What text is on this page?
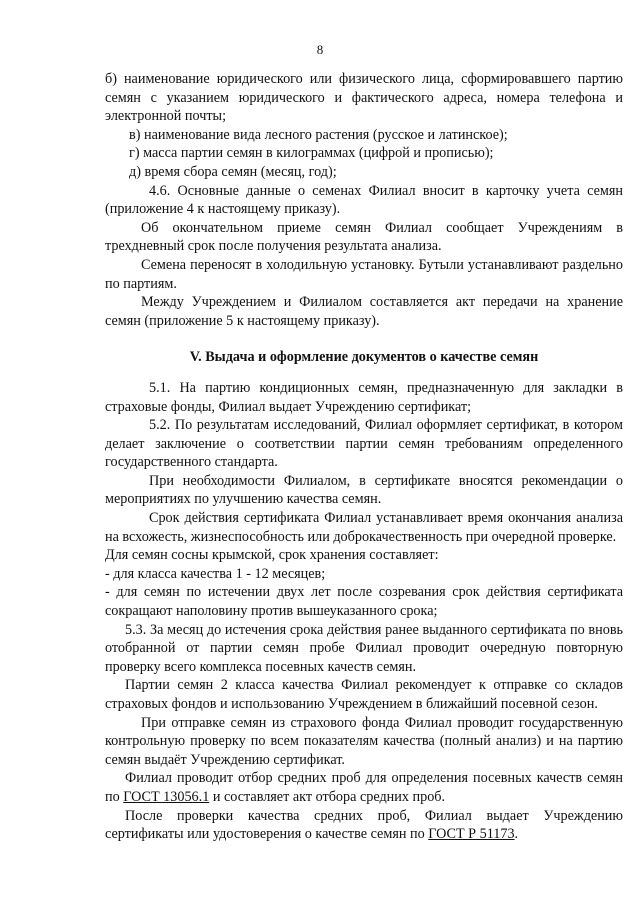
8

б) наименование юридического или физического лица, сформировавшего партию семян с указанием юридического и фактического адреса, номера телефона и электронной почты;

в) наименование вида лесного растения (русское и латинское);

г) масса партии семян в килограммах (цифрой и прописью);

д) время сбора семян (месяц, год);

4.6. Основные данные о семенах Филиал вносит в карточку учета семян (приложение 4 к настоящему приказу).

Об окончательном приеме семян Филиал сообщает Учреждениям в трехдневный срок после получения результата анализа.

Семена переносят в холодильную установку. Бутыли устанавливают раздельно по партиям.

Между Учреждением и Филиалом составляется акт передачи на хранение семян (приложение 5 к настоящему приказу).

V. Выдача и оформление документов о качестве семян

5.1. На партию кондиционных семян, предназначенную для закладки в страховые фонды, Филиал выдает Учреждению сертификат;

5.2. По результатам исследований, Филиал оформляет сертификат, в котором делает заключение о соответствии партии семян требованиям определенного государственного стандарта.

При необходимости Филиалом, в сертификате вносятся рекомендации о мероприятиях по улучшению качества семян.

Срок действия сертификата Филиал устанавливает время окончания анализа на всхожесть, жизнеспособность или доброкачественность при очередной проверке.

Для семян сосны крымской, срок хранения составляет:

- для класса качества 1 - 12 месяцев;

- для семян по истечении двух лет после созревания срок действия сертификата сокращают наполовину против вышеуказанного срока;

5.3. За месяц до истечения срока действия ранее выданного сертификата по вновь отобранной от партии семян пробе Филиал проводит очередную повторную проверку всего комплекса посевных качеств семян.

Партии семян 2 класса качества Филиал рекомендует к отправке со складов страховых фондов и использованию Учреждением в ближайший посевной сезон.

При отправке семян из страхового фонда Филиал проводит государственную контрольную проверку по всем показателям качества (полный анализ) и на партию семян выдаёт Учреждению сертификат.

Филиал проводит отбор средних проб для определения посевных качеств семян по ГОСТ 13056.1 и составляет акт отбора средних проб.

После проверки качества средних проб, Филиал выдает Учреждению сертификаты или удостоверения о качестве семян по ГОСТ Р 51173.
